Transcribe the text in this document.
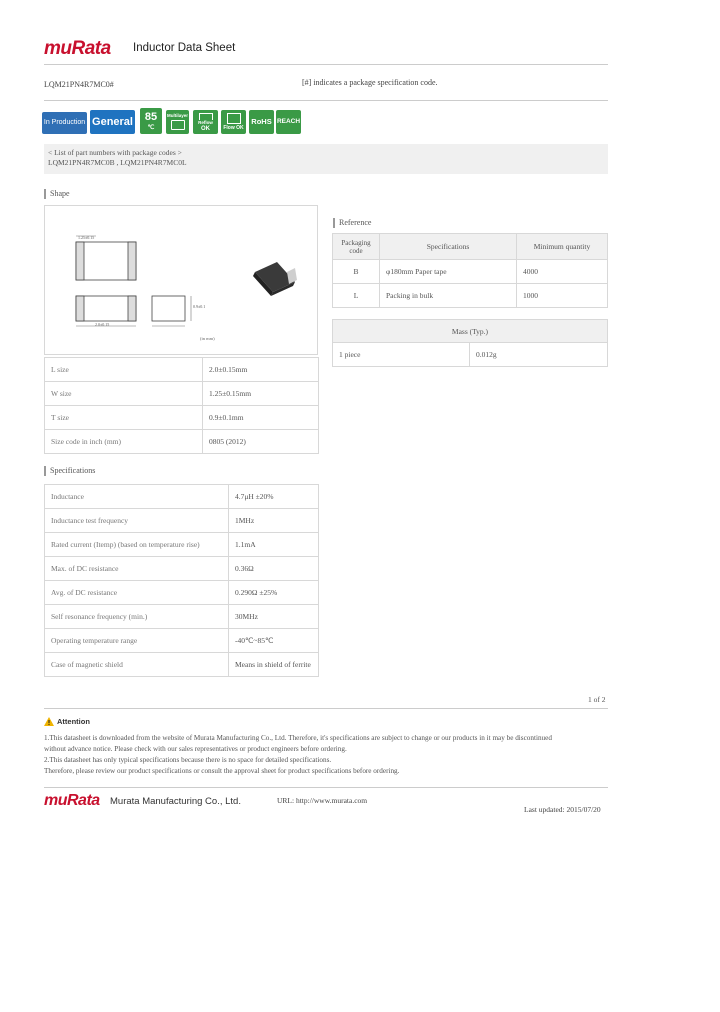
muRata Inductor Data Sheet
LQM21PN4R7MC0#	[#] indicates a package specification code.
In Production General	85
℃
Multilayer
Reflow
OK	Flow OK
RoHS REACH
< List of part numbers with package codes >
LQM21PN4R7MC0B , LQM21PN4R7MC0L
Shape
1.25±0.15
2.0±0.15
0.9±0.1
(in mm)
L size	2.0±0.15mm
W size	1.25±0.15mm
T size	0.9±0.1mm
Size code in inch (mm)	0805 (2012)
Reference
Packaging code	Specifications	Minimum quantity
B	φ180mm Paper tape	4000
L	Packing in bulk	1000
Mass (Typ.)
1 piece	0.012g
Specifications
Inductance	4.7μH ±20%
Inductance test frequency	1MHz
Rated current (Itemp) (based on temperature rise)	1.1mA
Max. of DC resistance	0.36Ω
Avg. of DC resistance	0.290Ω ±25%
Self resonance frequency (min.)	30MHz
Operating temperature range	-40℃~85℃
Case of magnetic shield	Means in shield of ferrite
1 of 2
Attention
1.This datasheet is downloaded from the website of Murata Manufacturing Co., Ltd. Therefore, it's specifications are subject to change or our products in it may be discontinued
without advance notice. Please check with our sales representatives or product engineers before ordering.
2.This datasheet has only typical specifications because there is no space for detailed specifications.
Therefore, please review our product specifications or consult the approval sheet for product specifications before ordering.
muRata Murata Manufacturing Co., Ltd.	URL: http://www.murata.com
Last updated: 2015/07/20
